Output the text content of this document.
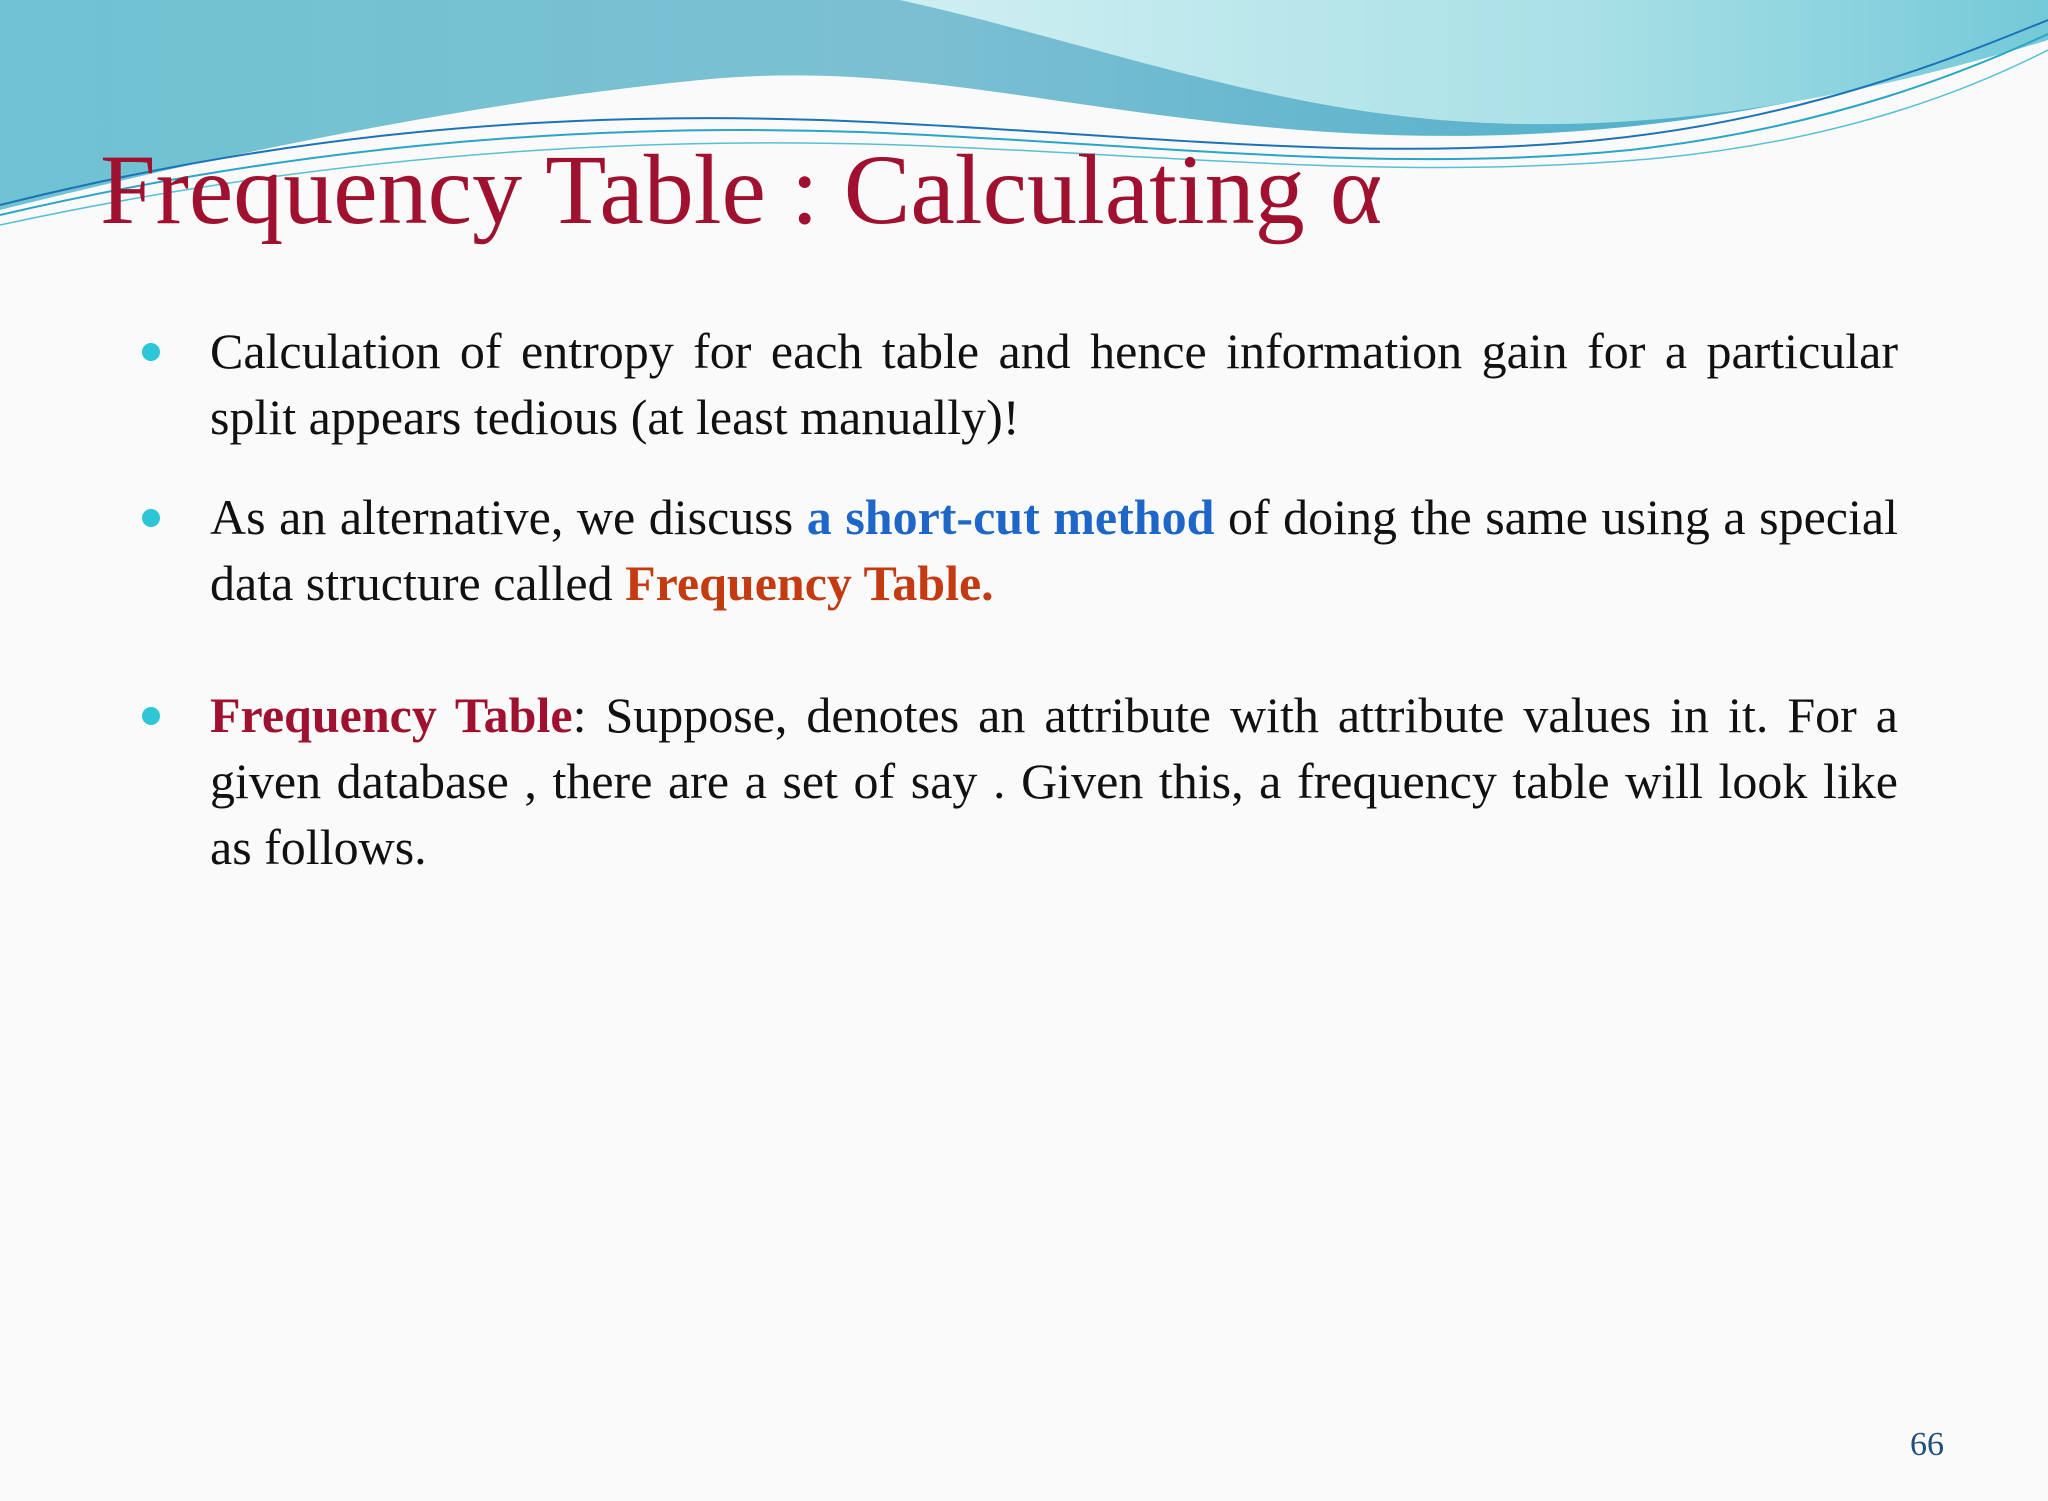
Frequency Table : Calculating α
Calculation of entropy for each table and hence information gain for a particular split appears tedious (at least manually)!
As an alternative, we discuss a short-cut method of doing the same using a special data structure called Frequency Table.
Frequency Table: Suppose, denotes an attribute with attribute values in it. For a given database , there are a set of say . Given this, a frequency table will look like as follows.
66
